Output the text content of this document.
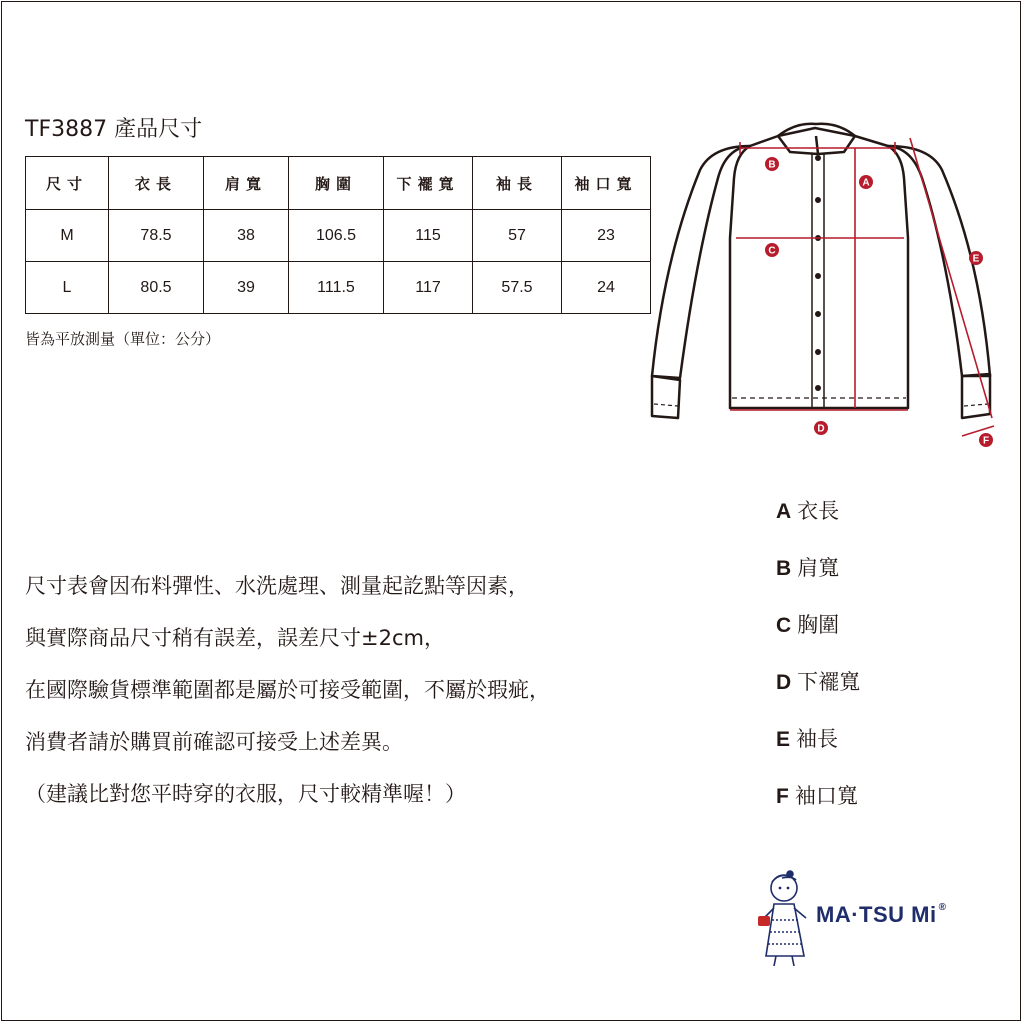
TF3887 產品尺寸
尺寸	衣長	肩寬	胸圍	下襬寬	袖長	袖口寬
M	78.5	38	106.5	115	57	23
L	80.5	39	111.5	117	57.5	24
皆為平放測量（單位：公分）
B
A
C
D
E
F
A 衣長
B 肩寬
C 胸圍
D 下襬寬
E 袖長
F 袖口寬
尺寸表會因布料彈性、水洗處理、測量起訖點等因素，
與實際商品尺寸稍有誤差，誤差尺寸±2cm，
在國際驗貨標準範圍都是屬於可接受範圍，不屬於瑕疵，
消費者請於購買前確認可接受上述差異。
（建議比對您平時穿的衣服，尺寸較精準喔！）
MA·TSU Mi ®
